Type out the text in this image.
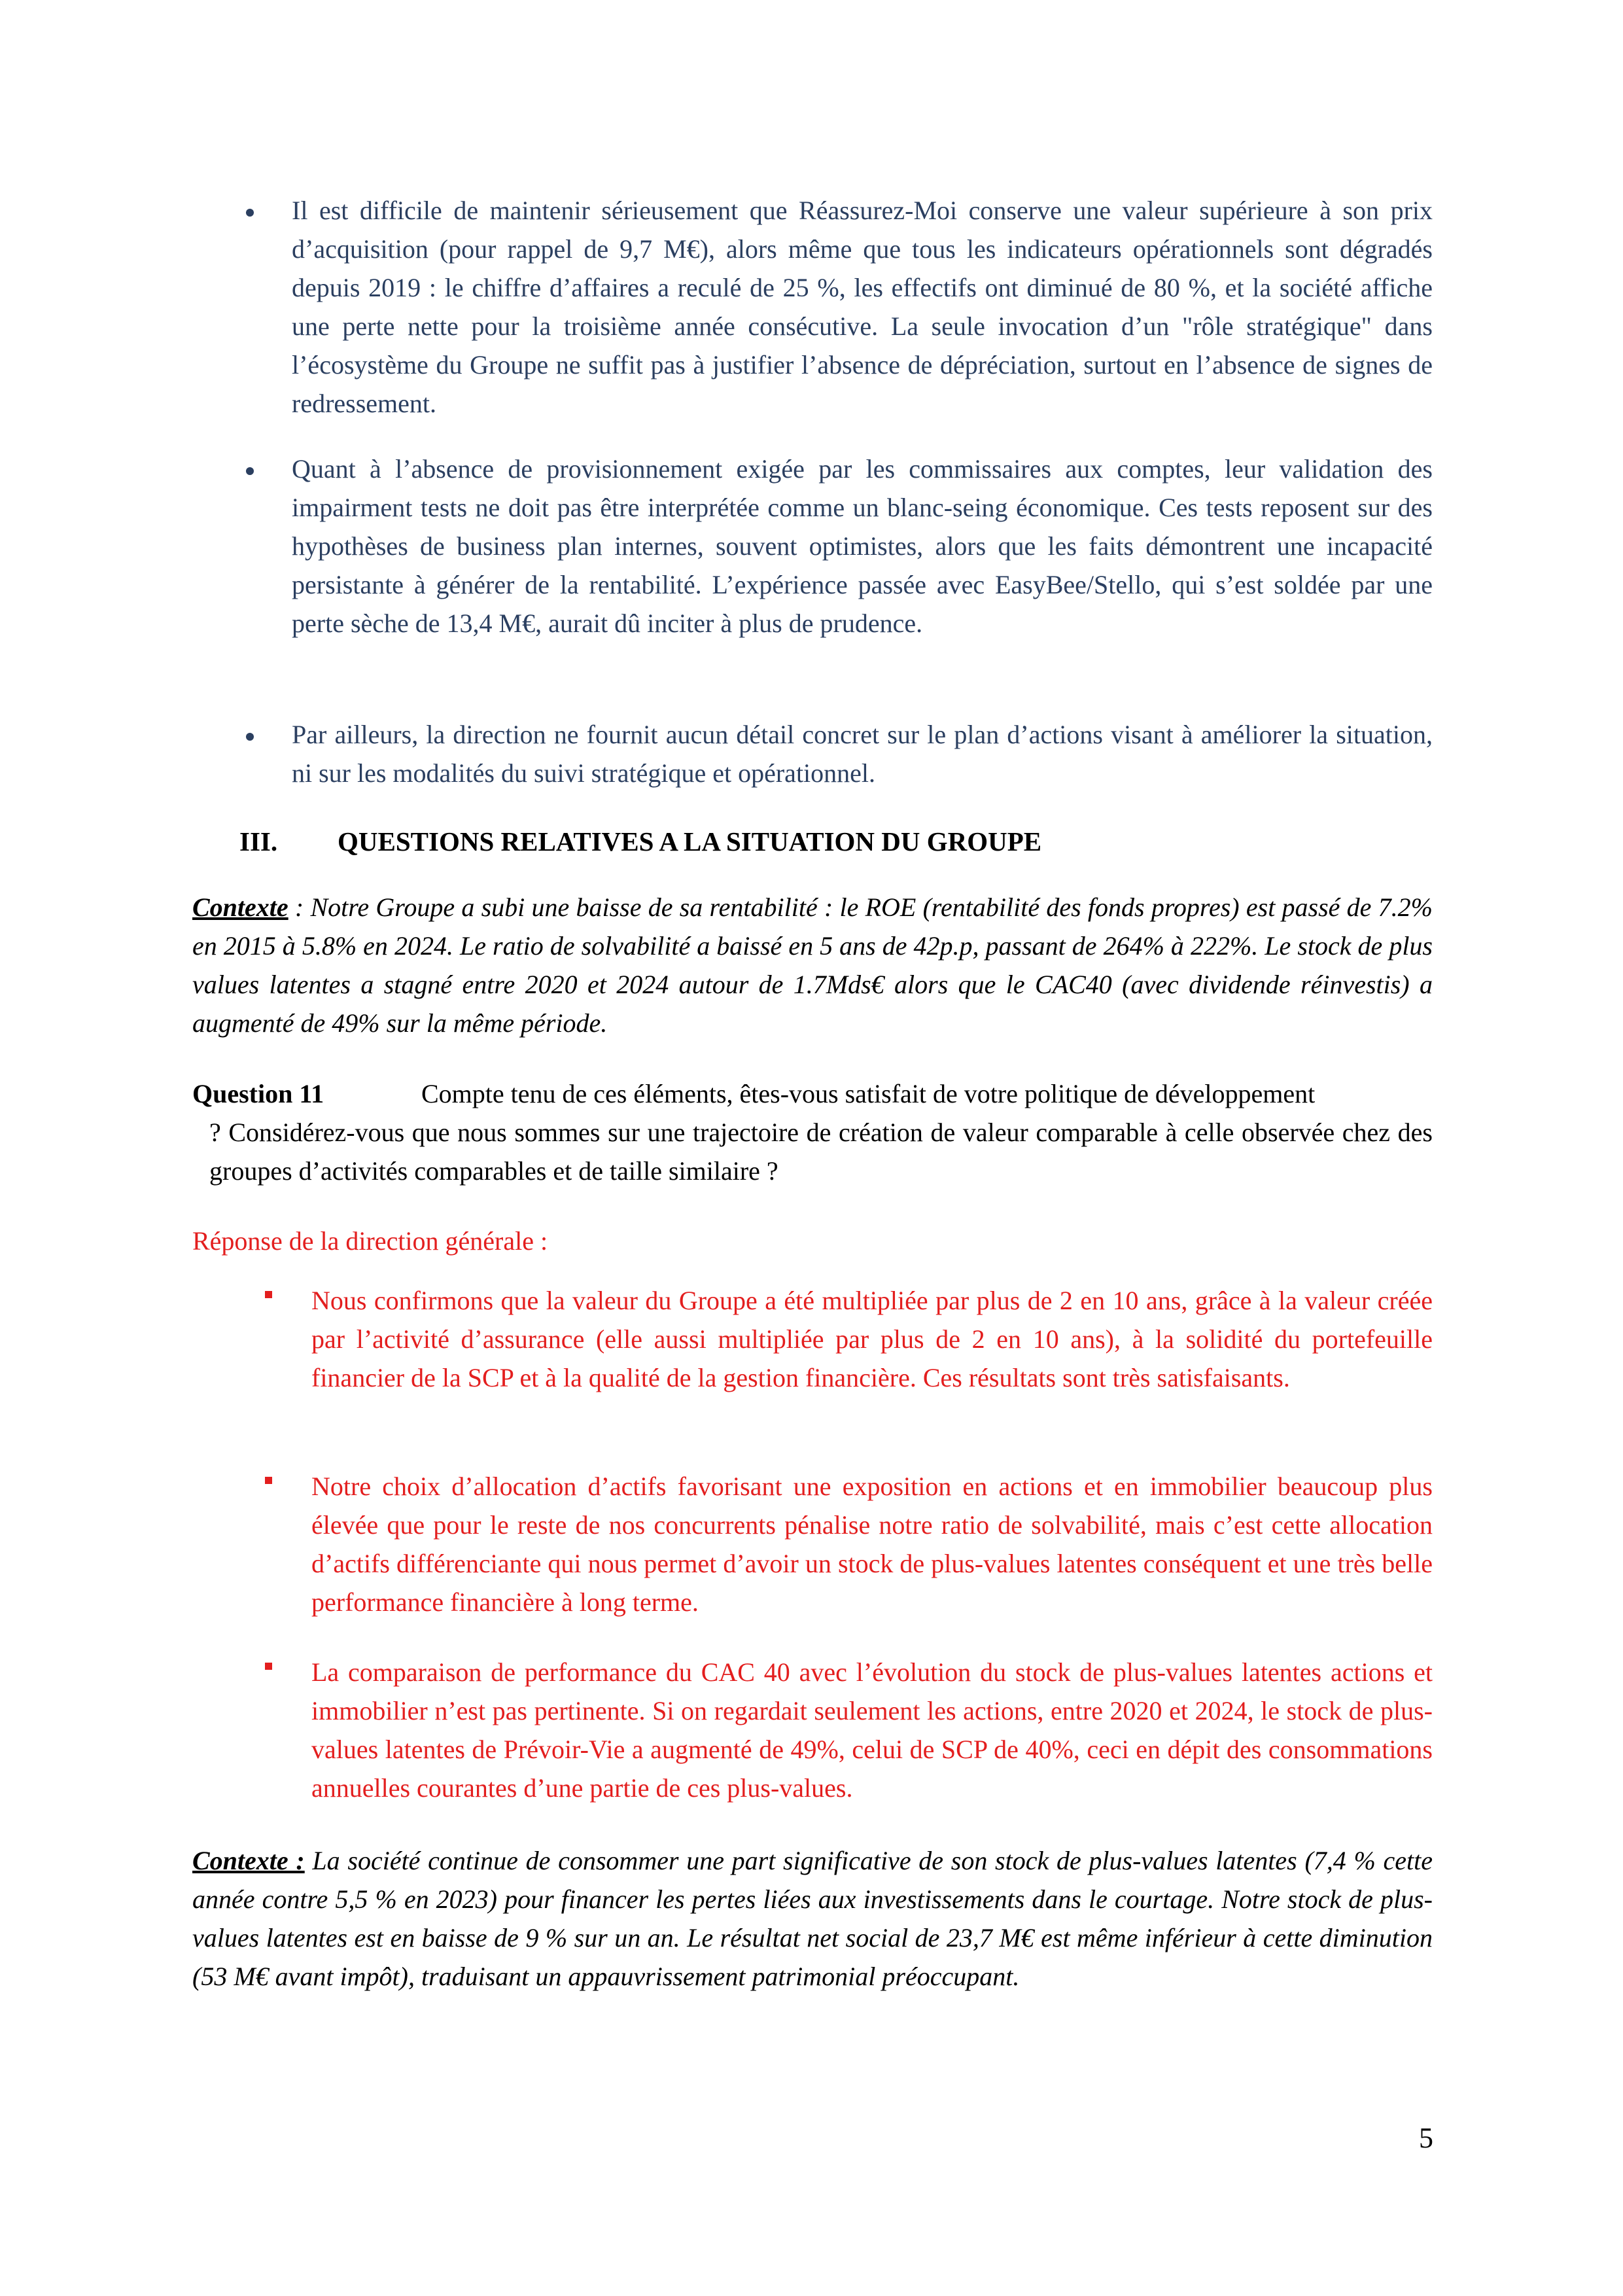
Il est difficile de maintenir sérieusement que Réassurez-Moi conserve une valeur supérieure à son prix d’acquisition (pour rappel de 9,7 M€), alors même que tous les indicateurs opérationnels sont dégradés depuis 2019 : le chiffre d’affaires a reculé de 25 %, les effectifs ont diminué de 80 %, et la société affiche une perte nette pour la troisième année consécutive. La seule invocation d’un "rôle stratégique" dans l’écosystème du Groupe ne suffit pas à justifier l’absence de dépréciation, surtout en l’absence de signes de redressement.
Quant à l’absence de provisionnement exigée par les commissaires aux comptes, leur validation des impairment tests ne doit pas être interprétée comme un blanc-seing économique. Ces tests reposent sur des hypothèses de business plan internes, souvent optimistes, alors que les faits démontrent une incapacité persistante à générer de la rentabilité. L’expérience passée avec EasyBee/Stello, qui s’est soldée par une perte sèche de 13,4 M€, aurait dû inciter à plus de prudence.
Par ailleurs, la direction ne fournit aucun détail concret sur le plan d’actions visant à améliorer la situation, ni sur les modalités du suivi stratégique et opérationnel.
III. QUESTIONS RELATIVES A LA SITUATION DU GROUPE
Contexte : Notre Groupe a subi une baisse de sa rentabilité : le ROE (rentabilité des fonds propres) est passé de 7.2% en 2015 à 5.8% en 2024. Le ratio de solvabilité a baissé en 5 ans de 42p.p, passant de 264% à 222%. Le stock de plus values latentes a stagné entre 2020 et 2024 autour de 1.7Mds€ alors que le CAC40 (avec dividende réinvestis) a augmenté de 49% sur la même période.
Question 11	Compte tenu de ces éléments, êtes-vous satisfait de votre politique de développement
? Considérez-vous que nous sommes sur une trajectoire de création de valeur comparable à celle observée chez des groupes d’activités comparables et de taille similaire ?
Réponse de la direction générale :
Nous confirmons que la valeur du Groupe a été multipliée par plus de 2 en 10 ans, grâce à la valeur créée par l’activité d’assurance (elle aussi multipliée par plus de 2 en 10 ans), à la solidité du portefeuille financier de la SCP et à la qualité de la gestion financière. Ces résultats sont très satisfaisants.
Notre choix d’allocation d’actifs favorisant une exposition en actions et en immobilier beaucoup plus élevée que pour le reste de nos concurrents pénalise notre ratio de solvabilité, mais c’est cette allocation d’actifs différenciante qui nous permet d’avoir un stock de plus-values latentes conséquent et une très belle performance financière à long terme.
La comparaison de performance du CAC 40 avec l’évolution du stock de plus-values latentes actions et immobilier n’est pas pertinente. Si on regardait seulement les actions, entre 2020 et 2024, le stock de plus-values latentes de Prévoir-Vie a augmenté de 49%, celui de SCP de 40%, ceci en dépit des consommations annuelles courantes d’une partie de ces plus-values.
Contexte : La société continue de consommer une part significative de son stock de plus-values latentes (7,4 % cette année contre 5,5 % en 2023) pour financer les pertes liées aux investissements dans le courtage. Notre stock de plus-values latentes est en baisse de 9 % sur un an. Le résultat net social de 23,7 M€ est même inférieur à cette diminution (53 M€ avant impôt), traduisant un appauvrissement patrimonial préoccupant.
5
